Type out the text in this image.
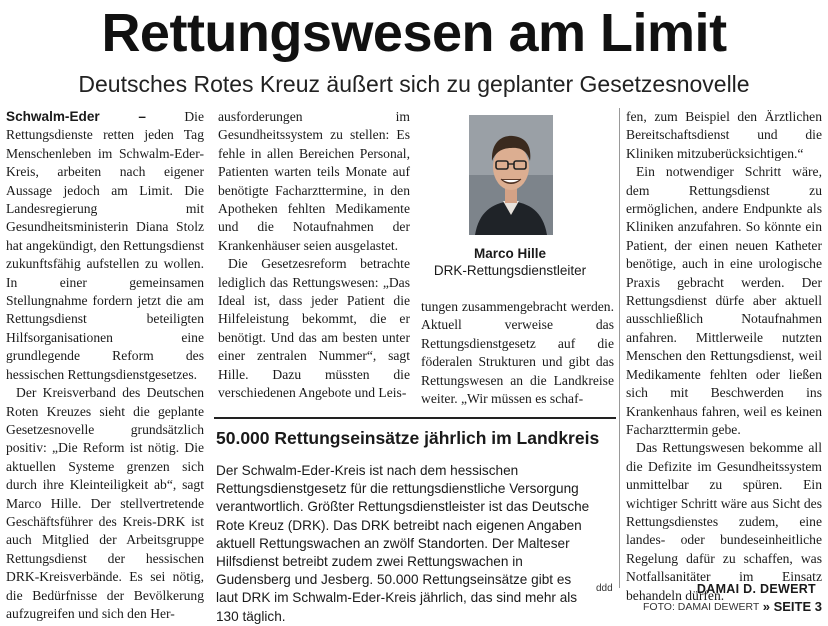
Rettungswesen am Limit
Deutsches Rotes Kreuz äußert sich zu geplanter Gesetzesnovelle

Schwalm-Eder –	Die Rettungsdienste retten jeden Tag Menschenleben im Schwalm-Eder-Kreis, arbeiten nach eigener Aussage jedoch am Limit. Die Landesregierung mit Gesundheitsministerin Diana Stolz hat angekündigt, den Rettungsdienst zukunftsfähig aufstellen zu wollen. In einer gemeinsamen Stellungnahme fordern jetzt die am Rettungsdienst beteiligten Hilfsorganisationen eine grundlegende Reform des hessischen Rettungsdienstgesetzes.

Der Kreisverband des Deutschen Roten Kreuzes sieht die geplante Gesetzesnovelle grundsätzlich positiv: „Die Reform ist nötig. Die aktuellen Systeme grenzen sich durch ihre Kleinteiligkeit ab“, sagt Marco Hille. Der stellvertretende Geschäftsführer des Kreis-DRK ist auch Mitglied der Arbeitsgruppe Rettungsdienst der hessischen DRK-Kreisverbände. Es sei nötig, die Bedürfnisse der Bevölkerung aufzugreifen und sich den Her-

ausforderungen im Gesundheitssystem zu stellen: Es fehle in allen Bereichen Personal, Patienten warten teils Monate auf benötigte Facharzttermine, in den Apotheken fehlten Medikamente und die Notaufnahmen der Krankenhäuser seien ausgelastet.

Die Gesetzesreform betrachte lediglich das Rettungswesen: „Das Ideal ist, dass jeder Patient die Hilfeleistung bekommt, die er benötigt. Und das am besten unter einer zentralen Nummer“, sagt Hille. Dazu müssten die verschiedenen Angebote und Leis-

Marco Hille
DRK-Rettungsdienstleiter

tungen zusammengebracht werden. Aktuell verweise das Rettungsdienstgesetz auf die föderalen Strukturen und gibt das Rettungswesen an die Landkreise weiter. „Wir müssen es schaf-

fen, zum Beispiel den Ärztlichen Bereitschaftsdienst und die Kliniken mitzuberücksichtigen.“

Ein notwendiger Schritt wäre, dem Rettungsdienst zu ermöglichen, andere Endpunkte als Kliniken anzufahren. So könnte ein Patient, der einen neuen Katheter benötige, auch in eine urologische Praxis gebracht werden. Der Rettungsdienst dürfe aber aktuell ausschließlich Notaufnahmen anfahren. Mittlerweile nutzten Menschen den Rettungsdienst, weil Medikamente fehlten oder ließen sich mit Beschwerden ins Krankenhaus fahren, weil es keinen Facharzttermin gebe.

Das Rettungswesen bekomme all die Defizite im Gesundheitssystem unmittelbar zu spüren. Ein wichtiger Schritt wäre aus Sicht des Rettungsdienstes zudem, eine landes- oder bundeseinheitliche Regelung dafür zu schaffen, was Notfallsanitäter im Einsatz behandeln dürfen.

50.000 Rettungseinsätze jährlich im Landkreis
Der Schwalm-Eder-Kreis ist nach dem hessischen Rettungsdienstgesetz für die rettungsdienstliche Versorgung verantwortlich. Größter Rettungsdienstleister ist das Deutsche Rote Kreuz (DRK). Das DRK betreibt nach eigenen Angaben aktuell Rettungswachen an zwölf Standorten. Der Malteser Hilfsdienst betreibt zudem zwei Rettungswachen in Gudensberg und Jesberg. 50.000 Rettungseinsätze gibt es laut DRK im Schwalm-Eder-Kreis jährlich, das sind mehr als 130 täglich.
ddd	DAMAI D. DEWERT
FOTO: DAMAI DEWERT » SEITE 3
